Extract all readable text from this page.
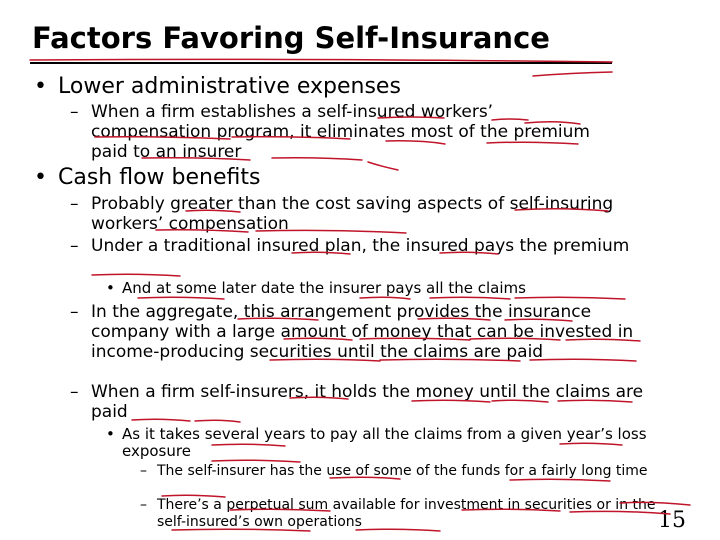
Factors Favoring Self-Insurance
• Lower administrative expenses
– When a firm establishes a self-insured workers’ compensation program, it eliminates most of the premium paid to an insurer
• Cash flow benefits
– Probably greater than the cost saving aspects of self-insuring workers’ compensation
– Under a traditional insured plan, the insured pays the premium
• And at some later date the insurer pays all the claims
– In the aggregate, this arrangement provides the insurance company with a large amount of money that can be invested in income-producing securities until the claims are paid
– When a firm self-insurers, it holds the money until the claims are paid
• As it takes several years to pay all the claims from a given year’s loss exposure
– The self-insurer has the use of some of the funds for a fairly long time
– There’s a perpetual sum available for investment in securities or in the self-insured’s own operations	15
